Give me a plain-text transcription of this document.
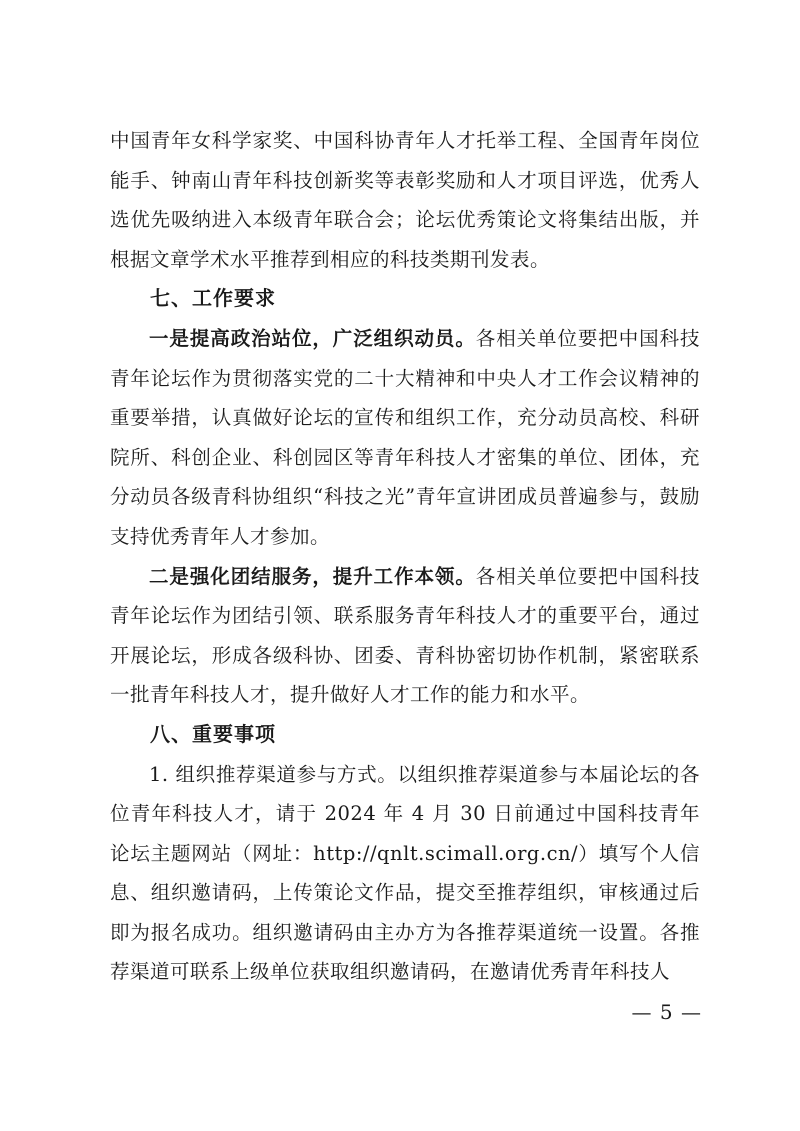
中国青年女科学家奖、中国科协青年人才托举工程、全国青年岗位能手、钟南山青年科技创新奖等表彰奖励和人才项目评选，优秀人选优先吸纳进入本级青年联合会；论坛优秀策论文将集结出版，并根据文章学术水平推荐到相应的科技类期刊发表。

七、工作要求

一是提高政治站位，广泛组织动员。各相关单位要把中国科技青年论坛作为贯彻落实党的二十大精神和中央人才工作会议精神的重要举措，认真做好论坛的宣传和组织工作，充分动员高校、科研院所、科创企业、科创园区等青年科技人才密集的单位、团体，充分动员各级青科协组织“科技之光”青年宣讲团成员普遍参与，鼓励支持优秀青年人才参加。

二是强化团结服务，提升工作本领。各相关单位要把中国科技青年论坛作为团结引领、联系服务青年科技人才的重要平台，通过开展论坛，形成各级科协、团委、青科协密切协作机制，紧密联系一批青年科技人才，提升做好人才工作的能力和水平。

八、重要事项

1. 组织推荐渠道参与方式。以组织推荐渠道参与本届论坛的各位青年科技人才，请于 2024 年 4 月 30 日前通过中国科技青年论坛主题网站（网址：http://qnlt.scimall.org.cn/）填写个人信息、组织邀请码，上传策论文作品，提交至推荐组织，审核通过后即为报名成功。组织邀请码由主办方为各推荐渠道统一设置。各推荐渠道可联系上级单位获取组织邀请码，在邀请优秀青年科技人

— 5 —
